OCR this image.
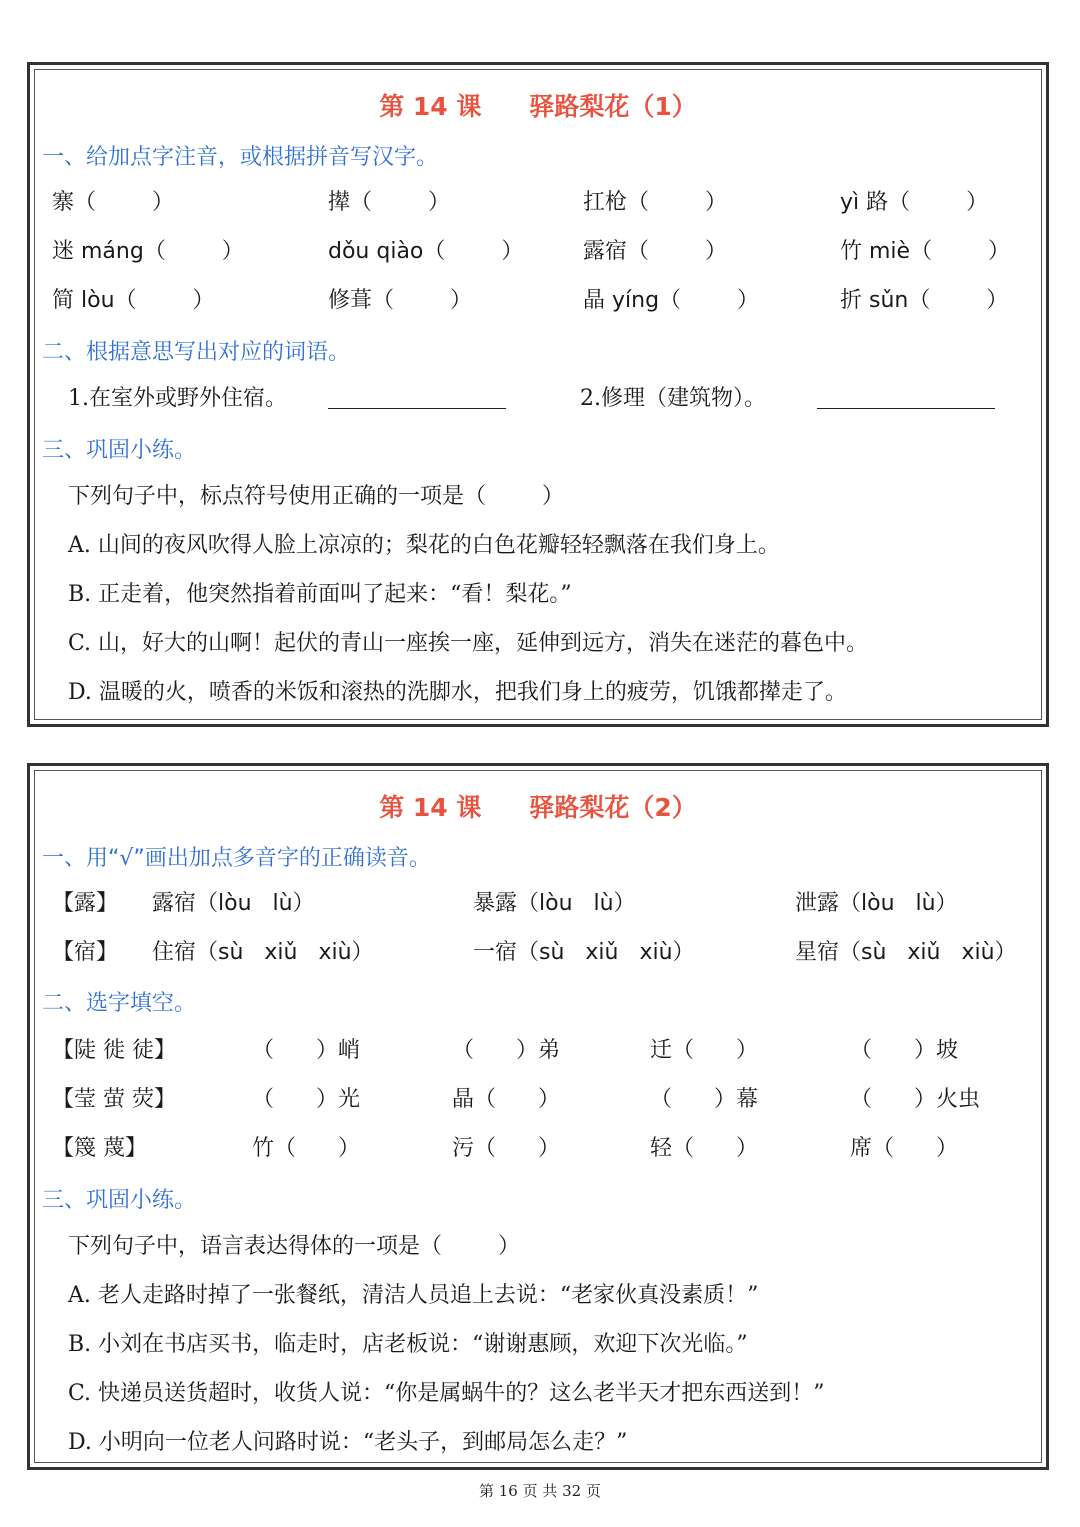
第 14 课 驿路梨花（1）
一、给加点字注音，或根据拼音写汉字。
寨（        ）	撵（        ）	扛枪（        ）	yì 路（        ）
迷 máng（        ）	dǒu qiào（        ）	露宿（        ）	竹 miè（        ）
简 lòu（        ）	修葺（        ）	晶 yíng（        ）	折 sǔn（        ）
二、根据意思写出对应的词语。
1.在室外或野外住宿。	2.修理（建筑物）。
三、巩固小练。
下列句子中，标点符号使用正确的一项是（        ）
A. 山间的夜风吹得人脸上凉凉的；梨花的白色花瓣轻轻飘落在我们身上。
B. 正走着，他突然指着前面叫了起来：“看！梨花。”
C. 山，好大的山啊！起伏的青山一座挨一座，延伸到远方，消失在迷茫的暮色中。
D. 温暖的火，喷香的米饭和滚热的洗脚水，把我们身上的疲劳，饥饿都撵走了。
第 14 课 驿路梨花（2）
一、用“√”画出加点多音字的正确读音。
【露】 露宿（lòu   lù）	暴露（lòu   lù）	泄露（lòu   lù）
【宿】 住宿（sù   xiǔ   xiù）	一宿（sù   xiǔ   xiù）	星宿（sù   xiǔ   xiù）
二、选字填空。
【陡 徙 徒】	（      ）峭	（      ）弟	迁（      ）	（      ）坡
【莹 萤 荧】	（      ）光	晶（      ）	（      ）幕	（      ）火虫
【篾 蔑】	竹（      ）	污（      ）	轻（      ）	席（      ）
三、巩固小练。
下列句子中，语言表达得体的一项是（        ）
A. 老人走路时掉了一张餐纸，清洁人员追上去说：“老家伙真没素质！”
B. 小刘在书店买书，临走时，店老板说：“谢谢惠顾，欢迎下次光临。”
C. 快递员送货超时，收货人说：“你是属蜗牛的？这么老半天才把东西送到！”
D. 小明向一位老人问路时说：“老头子，到邮局怎么走？”
第 16 页 共 32 页
